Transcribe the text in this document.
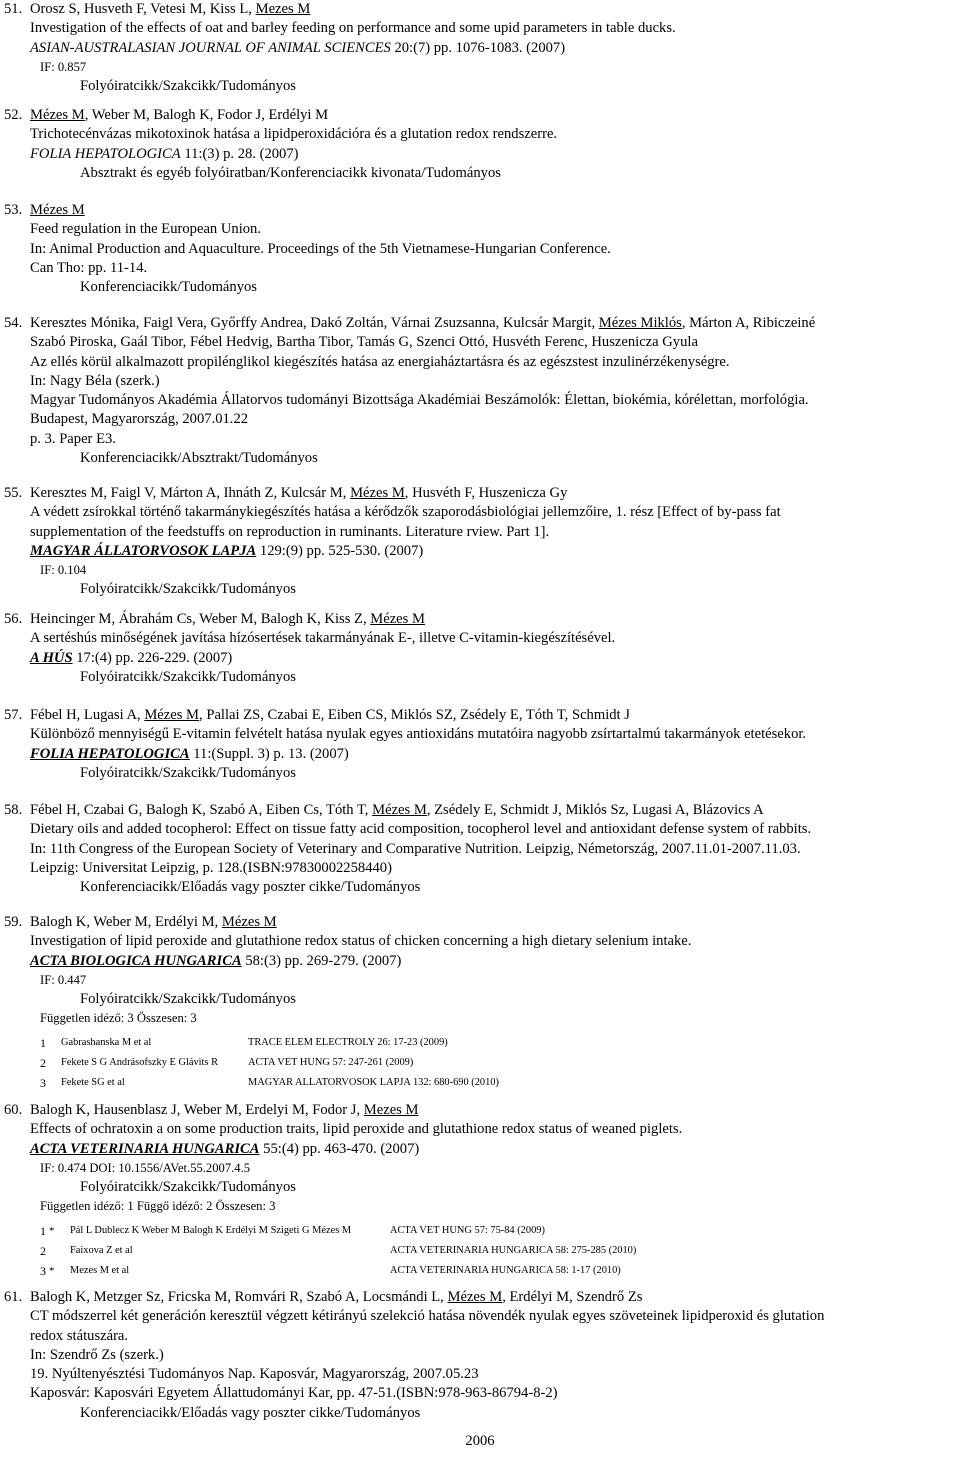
51. Orosz S, Husveth F, Vetesi M, Kiss L, Mezes M
Investigation of the effects of oat and barley feeding on performance and some upid parameters in table ducks.
ASIAN-AUSTRALASIAN JOURNAL OF ANIMAL SCIENCES 20:(7) pp. 1076-1083. (2007)
IF: 0.857
Folyóiratcikk/Szakcikk/Tudományos
52. Mézes M, Weber M, Balogh K, Fodor J, Erdélyi M
Trichotecénvázas mikotoxinok hatása a lipidperoxidációra és a glutation redox rendszerre.
FOLIA HEPATOLOGICA 11:(3) p. 28. (2007)
Absztrakt és egyéb folyóiratban/Konferenciacikk kivonata/Tudományos
53. Mézes M
Feed regulation in the European Union.
In: Animal Production and Aquaculture. Proceedings of the 5th Vietnamese-Hungarian Conference.
Can Tho: pp. 11-14.
Konferenciacikk/Tudományos
54. Keresztes Mónika, Faigl Vera, Győrffy Andrea, Dakó Zoltán, Várnai Zsuzsanna, Kulcsár Margit, Mézes Miklós, Márton A, Ribiczeiné
Szabó Piroska, Gaál Tibor, Fébel Hedvig, Bartha Tibor, Tamás G, Szenci Ottó, Husvéth Ferenc, Huszenicza Gyula
Az ellés körül alkalmazott propilénglikol kiegészítés hatása az energiaháztartásra és az egészstest inzulinérzékenységre.
In: Nagy Béla (szerk.)
Magyar Tudományos Akadémia Állatorvos tudományi Bizottsága Akadémiai Beszámolók: Élettan, biokémia, kórélettan, morfológia.
Budapest, Magyarország, 2007.01.22
p. 3. Paper E3.
Konferenciacikk/Absztrakt/Tudományos
55. Keresztes M, Faigl V, Márton A, Ihnáth Z, Kulcsár M, Mézes M, Husvéth F, Huszenicza Gy
A védett zsírokkal történő takarmánykiegészítés hatása a kérődzők szaporodásbiológiai jellemzőire, 1. rész [Effect of by-pass fat
supplementation of the feedstuffs on reproduction in ruminants. Literature rview. Part 1].
MAGYAR ÁLLATORVOSOK LAPJA 129:(9) pp. 525-530. (2007)
IF: 0.104
Folyóiratcikk/Szakcikk/Tudományos
56. Heincinger M, Ábrahám Cs, Weber M, Balogh K, Kiss Z, Mézes M
A sertéshús minőségének javítása hízósertések takarmányának E-, illetve C-vitamin-kiegészítésével.
A HÚS 17:(4) pp. 226-229. (2007)
Folyóiratcikk/Szakcikk/Tudományos
57. Fébel H, Lugasi A, Mézes M, Pallai ZS, Czabai E, Eiben CS, Miklós SZ, Zsédely E, Tóth T, Schmidt J
Különböző mennyiségű E-vitamin felvételt hatása nyulak egyes antioxidáns mutatóira nagyobb zsírtartalmú takarmányok etetésekor.
FOLIA HEPATOLOGICA 11:(Suppl. 3) p. 13. (2007)
Folyóiratcikk/Szakcikk/Tudományos
58. Fébel H, Czabai G, Balogh K, Szabó A, Eiben Cs, Tóth T, Mézes M, Zsédely E, Schmidt J, Miklós Sz, Lugasi A, Blázovics A
Dietary oils and added tocopherol: Effect on tissue fatty acid composition, tocopherol level and antioxidant defense system of rabbits.
In: 11th Congress of the European Society of Veterinary and Comparative Nutrition. Leipzig, Németország, 2007.11.01-2007.11.03.
Leipzig: Universitat Leipzig, p. 128.(ISBN:97830002258440)
Konferenciacikk/Előadás vagy poszter cikke/Tudományos
59. Balogh K, Weber M, Erdélyi M, Mézes M
Investigation of lipid peroxide and glutathione redox status of chicken concerning a high dietary selenium intake.
ACTA BIOLOGICA HUNGARICA 58:(3) pp. 269-279. (2007)
IF: 0.447
Folyóiratcikk/Szakcikk/Tudományos
Független idéző: 3 Összesen: 3
1 Gabrashanska M et al	TRACE ELEM ELECTROLY 26: 17-23 (2009)
2 Fekete S G Andrásofszky E Glávits R	ACTA VET HUNG 57: 247-261 (2009)
3 Fekete SG et al	MAGYAR ALLATORVOSOK LAPJA 132: 680-690 (2010)
60. Balogh K, Hausenblasz J, Weber M, Erdelyi M, Fodor J, Mezes M
Effects of ochratoxin a on some production traits, lipid peroxide and glutathione redox status of weaned piglets.
ACTA VETERINARIA HUNGARICA 55:(4) pp. 463-470. (2007)
IF: 0.474 DOI: 10.1556/AVet.55.2007.4.5
Folyóiratcikk/Szakcikk/Tudományos
Független idéző: 1 Függő idéző: 2 Összesen: 3
1 * Pál L Dublecz K Weber M Balogh K Erdélyi M Szigeti G Mézes M	ACTA VET HUNG 57: 75-84 (2009)
2 Faixova Z et al	ACTA VETERINARIA HUNGARICA 58: 275-285 (2010)
3 * Mezes M et al	ACTA VETERINARIA HUNGARICA 58: 1-17 (2010)
61. Balogh K, Metzger Sz, Fricska M, Romvári R, Szabó A, Locsmándi L, Mézes M, Erdélyi M, Szendrő Zs
CT módszerrel két generáción keresztül végzett kétirányú szelekció hatása növendék nyulak egyes szöveteinek lipidperoxid és glutation
redox státuszára.
In: Szendrő Zs (szerk.)
19. Nyúltenyésztési Tudományos Nap. Kaposvár, Magyarország, 2007.05.23
Kaposvár: Kaposvári Egyetem Állattudományi Kar, pp. 47-51.(ISBN:978-963-86794-8-2)
Konferenciacikk/Előadás vagy poszter cikke/Tudományos
2006
